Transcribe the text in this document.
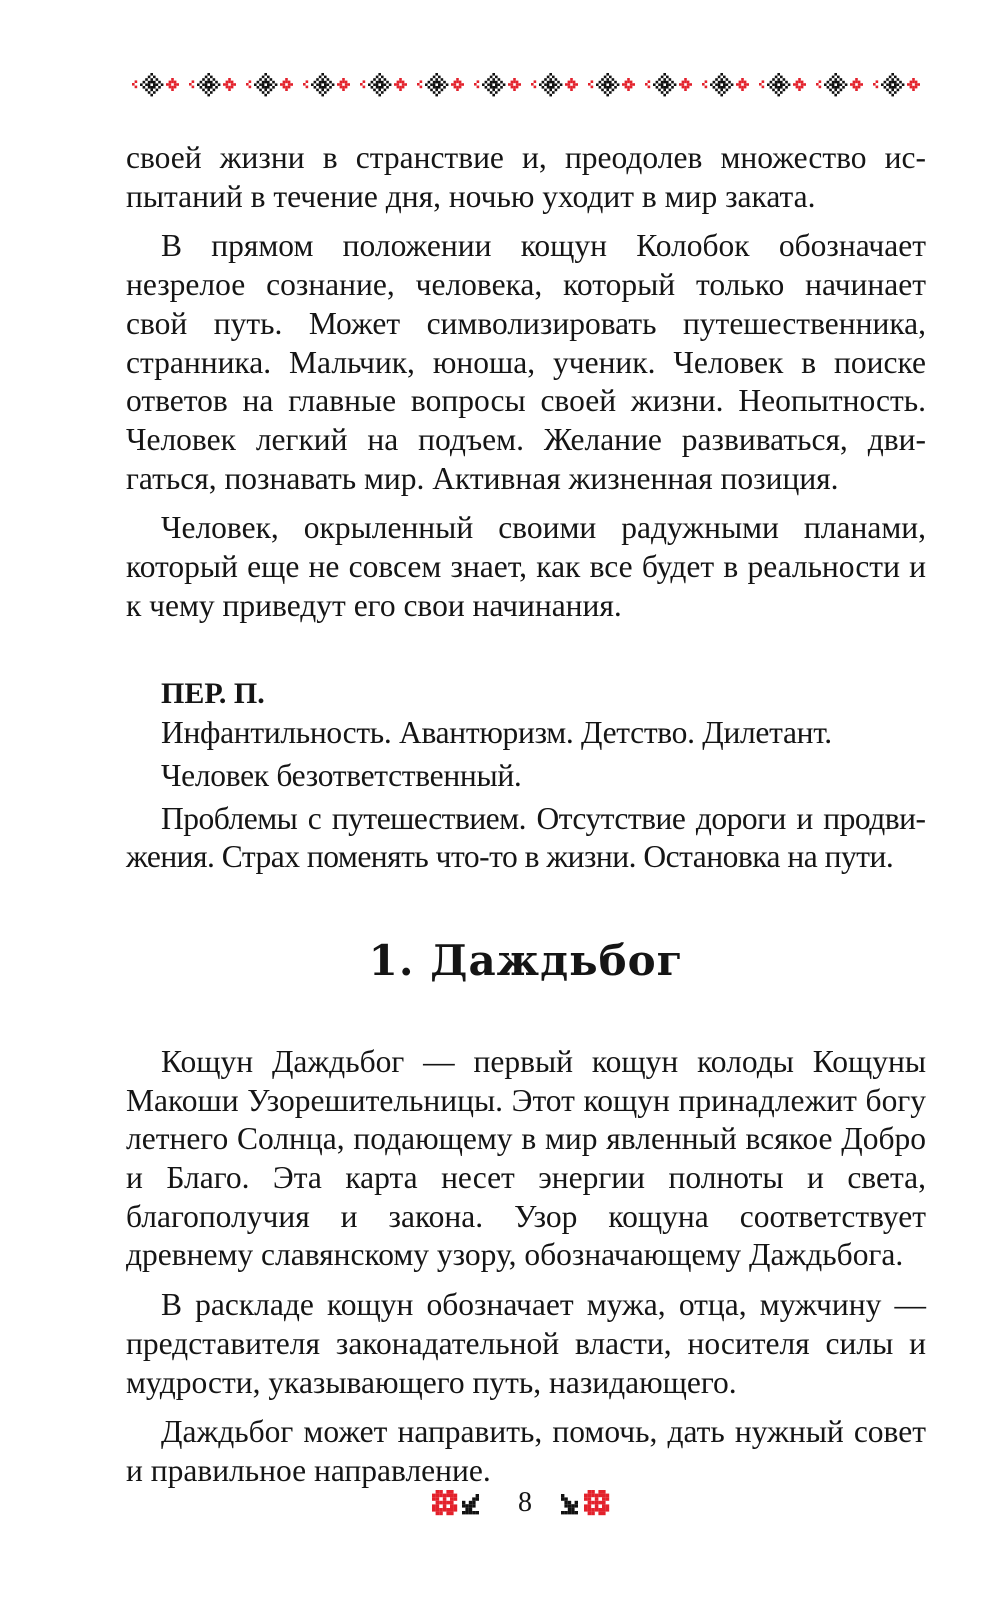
своей жизни в странствие и, преодолев множество испытаний в течение дня, ночью уходит в мир заката.

В прямом положении кощун Колобок обозначает незрелое сознание, человека, который только начинает свой путь. Может символизировать путешественника, странника. Мальчик, юноша, ученик. Человек в поиске ответов на главные вопросы своей жизни. Неопытность. Человек легкий на подъем. Желание развиваться, двигаться, познавать мир. Активная жизненная позиция.

Человек, окрыленный своими радужными планами, который еще не совсем знает, как все будет в реальности и к чему приведут его свои начинания.

ПЕР. П.

Инфантильность. Авантюризм. Детство. Дилетант.

Человек безответственный.

Проблемы с путешествием. Отсутствие дороги и продвижения. Страх поменять что-то в жизни. Остановка на пути.

1. Даждьбог

Кощун Даждьбог — первый кощун колоды Кощуны Макоши Узорешительницы. Этот кощун принадлежит богу летнего Солнца, подающему в мир явленный всякое Добро и Благо. Эта карта несет энергии полноты и света, благополучия и закона. Узор кощуна соответствует древнему славянскому узору, обозначающему Даждьбога.

В раскладе кощун обозначает мужа, отца, мужчину — представителя законадательной власти, носителя силы и мудрости, указывающего путь, назидающего.

Даждьбог может направить, помочь, дать нужный совет и правильное направление.

8
